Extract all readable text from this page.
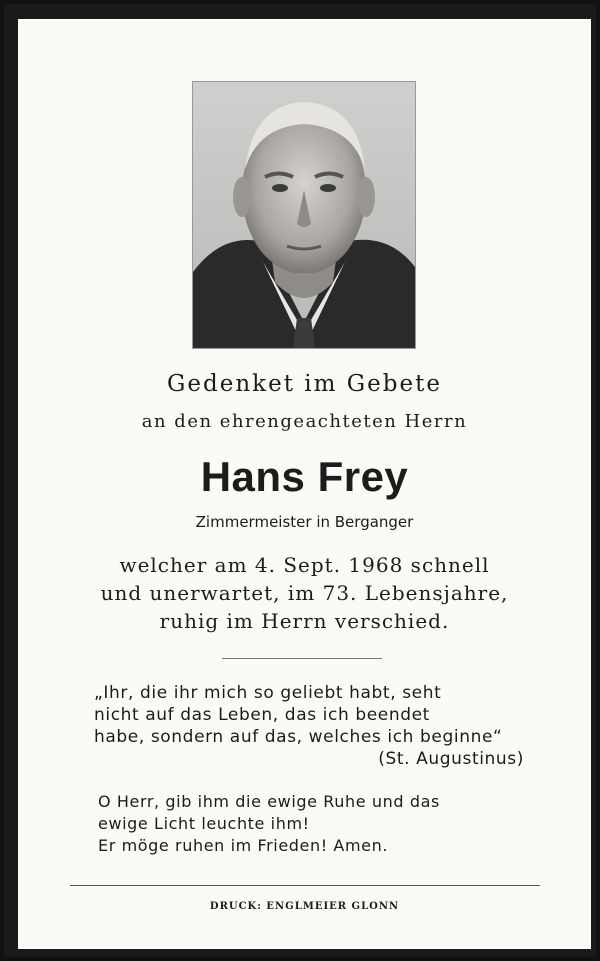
Gedenket im Gebete
an den ehrengeachteten Herrn
Hans Frey
Zimmermeister in Berganger
welcher am 4. Sept. 1968 schnell
und unerwartet, im 73. Lebensjahre,
ruhig im Herrn verschied.
„Ihr, die ihr mich so geliebt habt, seht
nicht auf das Leben, das ich beendet
habe, sondern auf das, welches ich beginne“
(St. Augustinus)
O Herr, gib ihm die ewige Ruhe und das
ewige Licht leuchte ihm!
Er möge ruhen im Frieden! Amen.
DRUCK: ENGLMEIER GLONN
